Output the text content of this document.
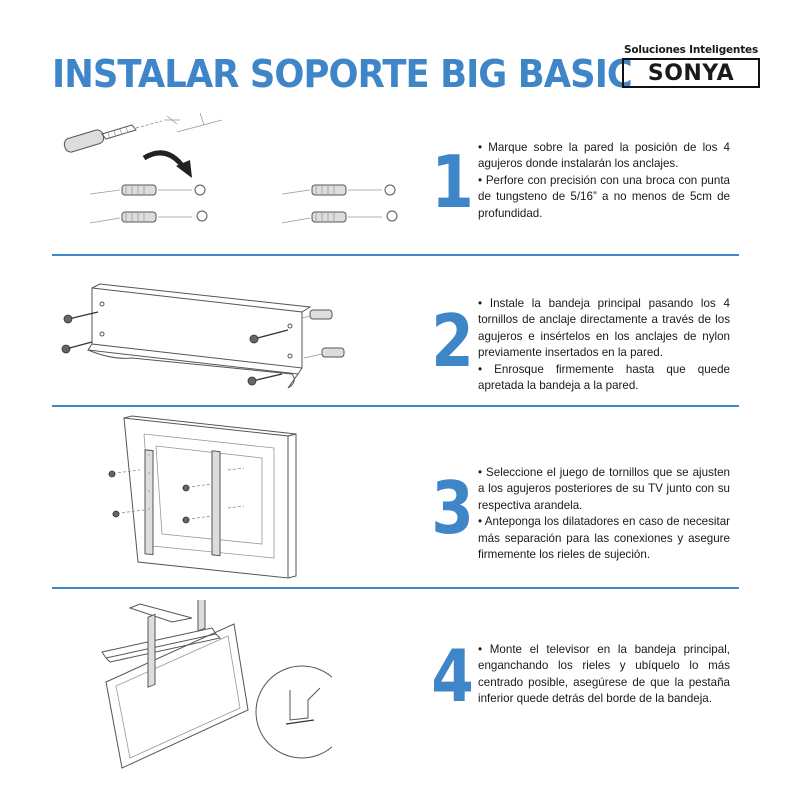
INSTALAR SOPORTE BIG BASIC
Soluciones Inteligentes
SONYA
1 • Marque sobre la pared la posición de los 4 agujeros donde instalarán los anclajes.

• Perfore con precisión con una broca con punta de tungsteno de 5/16” a no menos de 5cm de profundidad.

2 • Instale la bandeja principal pasando los 4 tornillos de anclaje directamente a través de los agujeros e insértelos en los anclajes de nylon previamente insertados en la pared.

• Enrosque firmemente hasta que quede apretada la bandeja a la pared.

3 • Seleccione el juego de tornillos que se ajusten a los agujeros posteriores de su TV junto con su respectiva arandela.

• Anteponga los dilatadores en caso de necesitar más separación para las conexiones y asegure firmemente los rieles de sujeción.

4 • Monte el televisor en la bandeja principal, enganchando los rieles y ubíquelo lo más centrado posible, asegúrese de que la pestaña inferior quede detrás del borde de la bandeja.
